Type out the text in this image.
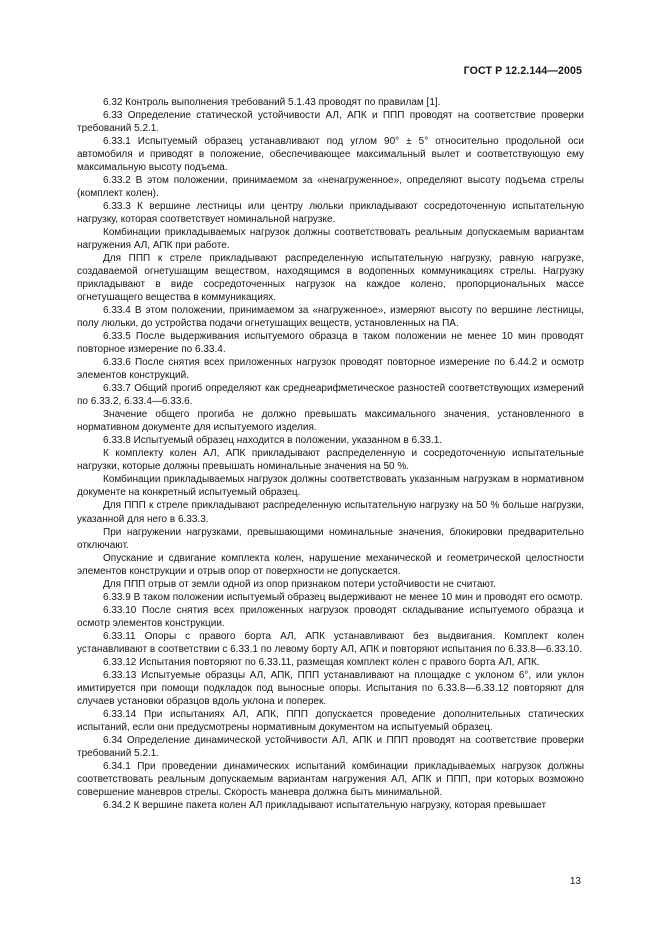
ГОСТ Р 12.2.144—2005

6.32 Контроль выполнения требований 5.1.43 проводят по правилам [1].

6.33 Определение статической устойчивости АЛ, АПК и ППП проводят на соответствие проверки требований 5.2.1.

6.33.1 Испытуемый образец устанавливают под углом 90° ± 5° относительно продольной оси автомобиля и приводят в положение, обеспечивающее максимальный вылет и соответствующую ему максимальную высоту подъема.

6.33.2 В этом положении, принимаемом за «ненагруженное», определяют высоту подъема стрелы (комплект колен).

6.33.3 К вершине лестницы или центру люльки прикладывают сосредоточенную испытательную нагрузку, которая соответствует номинальной нагрузке.

Комбинации прикладываемых нагрузок должны соответствовать реальным допускаемым вариантам нагружения АЛ, АПК при работе.

Для ППП к стреле прикладывают распределенную испытательную нагрузку, равную нагрузке, создаваемой огнетушащим веществом, находящимся в водопенных коммуникациях стрелы. Нагрузку прикладывают в виде сосредоточенных нагрузок на каждое колено, пропорциональных массе огнетушащего вещества в коммуникациях.

6.33.4 В этом положении, принимаемом за «нагруженное», измеряют высоту по вершине лестницы, полу люльки, до устройства подачи огнетушащих веществ, установленных на ПА.

6.33.5 После выдерживания испытуемого образца в таком положении не менее 10 мин проводят повторное измерение по 6.33.4.

6.33.6 После снятия всех приложенных нагрузок проводят повторное измерение по 6.44.2 и осмотр элементов конструкций.

6.33.7 Общий прогиб определяют как среднеарифметическое разностей соответствующих измерений по 6.33.2, 6.33.4—6.33.6.

Значение общего прогиба не должно превышать максимального значения, установленного в нормативном документе для испытуемого изделия.

6.33.8 Испытуемый образец находится в положении, указанном в 6.33.1.

К комплекту колен АЛ, АПК прикладывают распределенную и сосредоточенную испытательные нагрузки, которые должны превышать номинальные значения на 50 %.

Комбинации прикладываемых нагрузок должны соответствовать указанным нагрузкам в нормативном документе на конкретный испытуемый образец.

Для ППП к стреле прикладывают распределенную испытательную нагрузку на 50 % больше нагрузки, указанной для него в 6.33.3.

При нагружении нагрузками, превышающими номинальные значения, блокировки предварительно отключают.

Опускание и сдвигание комплекта колен, нарушение механической и геометрической целостности элементов конструкции и отрыв опор от поверхности не допускается.

Для ППП отрыв от земли одной из опор признаком потери устойчивости не считают.

6.33.9 В таком положении испытуемый образец выдерживают не менее 10 мин и проводят его осмотр.

6.33.10 После снятия всех приложенных нагрузок проводят складывание испытуемого образца и осмотр элементов конструкции.

6.33.11 Опоры с правого борта АЛ, АПК устанавливают без выдвигания. Комплект колен устанавливают в соответствии с 6.33.1 по левому борту АЛ, АПК и повторяют испытания по 6.33.8—6.33.10.

6.33.12 Испытания повторяют по 6.33.11, размещая комплект колен с правого борта АЛ, АПК.

6.33.13 Испытуемые образцы АЛ, АПК, ППП устанавливают на площадке с уклоном 6°, или уклон имитируется при помощи подкладок под выносные опоры. Испытания по 6.33.8—6.33.12 повторяют для случаев установки образцов вдоль уклона и поперек.

6.33.14 При испытаниях АЛ, АПК, ППП допускается проведение дополнительных статических испытаний, если они предусмотрены нормативным документом на испытуемый образец.

6.34 Определение динамической устойчивости АЛ, АПК и ППП проводят на соответствие проверки требований 5.2.1.

6.34.1 При проведении динамических испытаний комбинации прикладываемых нагрузок должны соответствовать реальным допускаемым вариантам нагружения АЛ, АПК и ППП, при которых возможно совершение маневров стрелы. Скорость маневра должна быть минимальной.

6.34.2 К вершине пакета колен АЛ прикладывают испытательную нагрузку, которая превышает

13
